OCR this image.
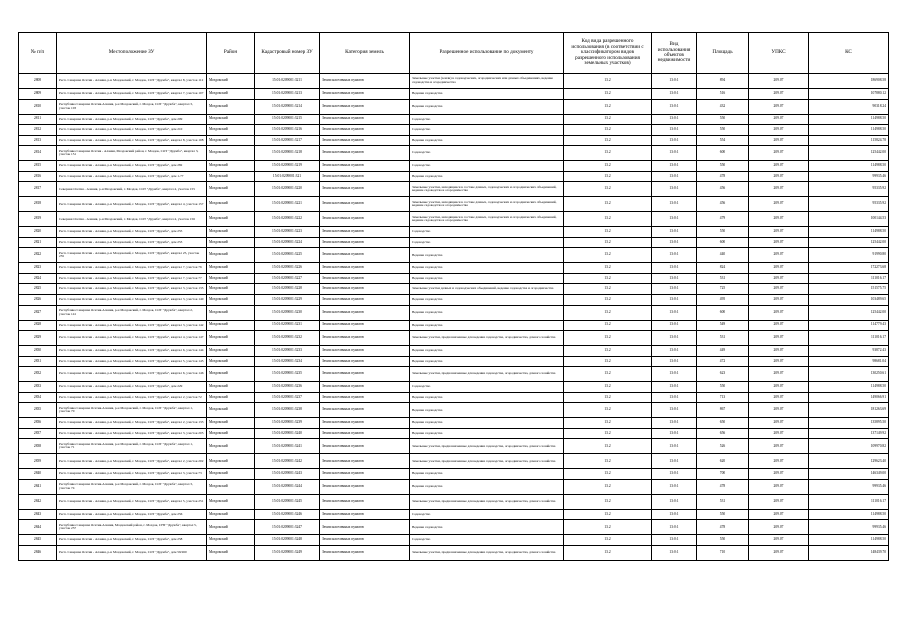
№ п/п	Местоположение ЗУ	Район	Кадастровый номер ЗУ	Категория земель	Разрешенное использование по документу	Код вида разрешенного использования (в соответствии с классификатором видов разрешенного использования земельных участков)	Вид использования объектов недвижимости	Площадь	УПКС	КС
2808	Респ. Северная Осетия - Алания, р-н Моздокский, г. Моздок, СОТ "Дружба", квартал 8, участок 112	Моздокский	15:01:0209001:3211	Земли населенных пунктов	Земельные участки (земли) в садоводческих, огороднических или дачных объединениях, ведение садоводства и огородничества	13.2	13:0:1	894	209.07	186908.58
2809	Респ. Северная Осетия - Алания, р-н Моздокский, г. Моздок, СОТ "Дружба", квартал 7, участок 107	Моздокский	15:01:0209001:3213	Земли населенных пунктов	Ведение садоводства	13.2	13:0:1	516	209.07	107880.12
2810	Республика Северная Осетия-Алания, р-н Моздокский, г. Моздок, СОТ "Дружба", квартал 3, участок 103	Моздокский	15:01:0209001:3214	Земли населенных пунктов	Ведение садоводства	13.2	13:0:1	432	209.07	90318.24
2811	Респ. Северная Осетия - Алания, р-н Моздокский, г. Моздок, СОТ "Дружба", дом 209	Моздокский	15:01:0209001:3215	Земли населенных пунктов	Садоводство	13.2	13:0:1	550	209.07	114988.50
2812	Респ. Северная Осетия - Алания, р-н Моздокский, г. Моздок, СОТ "Дружба", дом 210	Моздокский	15:01:0209001:3216	Земли населенных пунктов	Садоводство	13.2	13:0:1	550	209.07	114988.50
2813	Респ. Северная Осетия - Алания, р-н Моздокский, г. Моздок, СОТ "Дружба", квартал 8, участок 108	Моздокский	15:01:0209001:3217	Земли населенных пунктов	Ведение садоводства	13.2	13:0:1	554	209.07	115824.78
2814	Республика Северная Осетия - Алания, Моздокский район, г. Моздок, СОТ "Дружба", квартал 3, участок 151	Моздокский	15:01:0209001:3218	Земли населенных пунктов	Садоводство	13.2	13:0:1	600	209.07	125442.00
2815	Респ. Северная Осетия - Алания, р-н Моздокский, г. Моздок, СОТ "Дружба", дом 282	Моздокский	15:01:0209001:3219	Земли населенных пунктов	Садоводство	13.2	13:0:1	550	209.07	114988.50
2816	Респ. Северная Осетия - Алания, р-н Моздокский, г. Моздок, СОТ "Дружба", дом 1-77	Моздокский	15:01:0209001:321	Земли населенных пунктов	Ведение садоводства	13.2	13:0:1	478	209.07	99935.46
2817	Северная Осетия - Алания, р-н Моздокский, г. Моздок, СОТ "Дружба", квартал 4, участок 155	Моздокский	15:01:0209001:3220	Земли населенных пунктов	Земельные участки, находящиеся в составе дачных, садоводческих и огороднических объединений, ведение садоводства и огородничества	13.2	13:0:1	456	209.07	95335.92
2818	Респ. Северная Осетия - Алания, р-н Моздокский, г. Моздок, СОТ "Дружба", квартал 4, участок 157	Моздокский	15:01:0209001:3221	Земли населенных пунктов	Земельные участки, находящиеся в составе дачных, садоводческих и огороднических объединений, ведение садоводства и огородничества	13.2	13:0:1	456	209.07	95335.92
2819	Северная Осетия - Алания, р-н Моздокский, г. Моздок, СОТ "Дружба", квартал 4, участок 156	Моздокский	15:01:0209001:3222	Земли населенных пунктов	Земельные участки, находящиеся в составе дачных, садоводческих и огороднических объединений, ведение садоводства и огородничества	13.2	13:0:1	479	209.07	100144.53
2820	Респ. Северная Осетия - Алания, р-н Моздокский, г. Моздок, СОТ "Дружба", дом 255	Моздокский	15:01:0209001:3223	Земли населенных пунктов	Садоводство	13.2	13:0:1	550	209.07	114988.50
2821	Респ. Северная Осетия - Алания, р-н Моздокский, г. Моздок, СОТ "Дружба", дом 253	Моздокский	15:01:0209001:3224	Земли населенных пунктов	Садоводство	13.2	13:0:1	600	209.07	125442.00
2822	Респ. Северная Осетия - Алания, р-н Моздокский, г. Моздок, СОТ "Дружба", квартал 25, участок 255	Моздокский	15:01:0209001:3225	Земли населенных пунктов	Ведение садоводства	13.2	13:0:1	440	209.07	91990.80
2823	Респ. Северная Осетия - Алания, р-н Моздокский, г. Моздок, СОТ "Дружба", квартал 7, участок 76	Моздокский	15:01:0209001:3226	Земли населенных пунктов	Ведение садоводства	13.2	13:0:1	824	209.07	172273.68
2824	Респ. Северная Осетия - Алания, р-н Моздокский, г. Моздок, СОТ "Дружба", квартал 7, участок 77	Моздокский	15:01:0209001:3227	Земли населенных пунктов	Ведение садоводства	13.2	13:0:1	531	209.07	111016.17
2825	Респ. Северная Осетия - Алания, р-н Моздокский, г. Моздок, СОТ "Дружба", квартал 3, участок 135	Моздокский	15:01:0209001:3228	Земли населенных пунктов	Земельные участки дачных и садоводческих объединений, ведение садоводства и огородничества	13.2	13:0:1	725	209.07	151575.75
2826	Респ. Северная Осетия - Алания, р-н Моздокский, г. Моздок, СОТ "Дружба", квартал 3, участок 140	Моздокский	15:01:0209001:3229	Земли населенных пунктов	Ведение садоводства	13.2	13:0:1	495	209.07	103489.65
2827	Республика Северная Осетия-Алания, р-н Моздокский, г. Моздок, СОТ "Дружба", квартал 2, участок 141	Моздокский	15:01:0209001:3230	Земли населенных пунктов	Ведение садоводства	13.2	13:0:1	600	209.07	125442.00
2828	Респ. Северная Осетия - Алания, р-н Моздокский, г. Моздок, СОТ "Дружба", квартал 3, участок 142	Моздокский	15:01:0209001:3231	Земли населенных пунктов	Ведение садоводства	13.2	13:0:1	549	209.07	114779.43
2829	Респ. Северная Осетия - Алания, р-н Моздокский, г. Моздок, СОТ "Дружба", квартал 4, участок 147	Моздокский	15:01:0209001:3232	Земли населенных пунктов	Земельные участки, предназначенные для ведения садоводства, огородничества, дачного хозяйства	13.2	13:0:1	531	209.07	111016.17
2830	Респ. Северная Осетия - Алания, р-н Моздокский, г. Моздок, СОТ "Дружба", квартал 6, участок 144	Моздокский	15:01:0209001:3233	Земли населенных пунктов	Ведение садоводства	13.2	13:0:1	449	209.07	93872.43
2831	Респ. Северная Осетия - Алания, р-н Моздокский, г. Моздок, СОТ "Дружба", квартал 5, участок 145	Моздокский	15:01:0209001:3234	Земли населенных пунктов	Ведение садоводства	13.2	13:0:1	472	209.07	98681.04
2832	Респ. Северная Осетия - Алания, р-н Моздокский, г. Моздок, СОТ "Дружба", квартал 6, участок 146	Моздокский	15:01:0209001:3235	Земли населенных пунктов	Земельные участки, предназначенные для ведения садоводства, огородничества, дачного хозяйства	13.2	13:0:1	623	209.07	130250.61
2833	Респ. Северная Осетия - Алания, р-н Моздокский, г. Моздок, СОТ "Дружба", дом 229	Моздокский	15:01:0209001:3236	Земли населенных пунктов	Садоводство	13.2	13:0:1	550	209.07	114988.50
2834	Респ. Северная Осетия - Алания, р-н Моздокский, г. Моздок, СОТ "Дружба", квартал 2, участок 72	Моздокский	15:01:0209001:3237	Земли населенных пунктов	Ведение садоводства	13.2	13:0:1	713	209.07	149066.91
2835	Республика Северная Осетия-Алания, р-н Моздокский, г. Моздок, СОТ "Дружба", квартал 1, участок 70	Моздокский	15:01:0209001:3238	Земли населенных пунктов	Ведение садоводства	13.2	13:0:1	867	209.07	181263.69
2836	Респ. Северная Осетия - Алания, р-н Моздокский, г. Моздок, СОТ "Дружба", квартал 2, участок 133	Моздокский	15:01:0209001:3239	Земли населенных пунктов	Ведение садоводства	13.2	13:0:1	650	209.07	135895.50
2837	Респ. Северная Осетия - Алания, р-н Моздокский, г. Моздок, СОТ "Дружба", квартал 3, участок 205	Моздокский	15:01:0209001:3240	Земли населенных пунктов	Ведение садоводства	13.2	13:0:1	656	209.07	137149.92
2838	Республика Северная Осетия-Алания, р-н Моздокский, г. Моздок, СОТ "Дружба", квартал 1, участок 71	Моздокский	15:01:0209001:3241	Земли населенных пунктов	Земельные участки, предназначенные для ведения садоводства, огородничества, дачного хозяйства	13.2	13:0:1	526	209.07	109970.82
2839	Респ. Северная Осетия - Алания, р-н Моздокский, г. Моздок, СОТ "Дружба", квартал 2, участок 202	Моздокский	15:01:0209001:3242	Земли населенных пунктов	Земельные участки, предназначенные для ведения садоводства, огородничества, дачного хозяйства	13.2	13:0:1	620	209.07	129623.40
2840	Респ. Северная Осетия - Алания, р-н Моздокский, г. Моздок, СОТ "Дружба", квартал 3, участок 73	Моздокский	15:01:0209001:3243	Земли населенных пунктов	Ведение садоводства	13.2	13:0:1	700	209.07	146349.00
2841	Республика Северная Осетия-Алания, р-н Моздокский, г. Моздок, СОТ "Дружба", квартал 3, участок 74	Моздокский	15:01:0209001:3244	Земли населенных пунктов	Ведение садоводства	13.2	13:0:1	478	209.07	99935.46
2842	Респ. Северная Осетия - Алания, р-н Моздокский, г. Моздок, СОТ "Дружба", квартал 5, участок 251	Моздокский	15:01:0209001:3245	Земли населенных пунктов	Земельные участки, предназначенные для ведения садоводства, огородничества, дачного хозяйства	13.2	13:0:1	531	209.07	111016.17
2843	Респ. Северная Осетия - Алания, р-н Моздокский, г. Моздок, СОТ "Дружба", дом 256	Моздокский	15:01:0209001:3246	Земли населенных пунктов	Садоводство	13.2	13:0:1	550	209.07	114988.50
2844	Республика Северная Осетия-Алания, Моздокский район, г. Моздок, СНТ "Дружба", квартал 5, участок 257	Моздокский	15:01:0209001:3247	Земли населенных пунктов	Ведение садоводства	13.2	13:0:1	478	209.07	99935.46
2845	Респ. Северная Осетия - Алания, р-н Моздокский, г. Моздок, СОТ "Дружба", дом 258	Моздокский	15:01:0209001:3248	Земли населенных пунктов	Садоводство	13.2	13:0:1	550	209.07	114988.50
2846	Респ. Северная Осетия - Алания, р-н Моздокский, г. Моздок, СОТ "Дружба", дом 59/260	Моздокский	15:01:0209001:3249	Земли населенных пунктов	Земельные участки, предназначенные для ведения садоводства, огородничества, дачного хозяйства	13.2	13:0:1	710	209.07	148439.70
